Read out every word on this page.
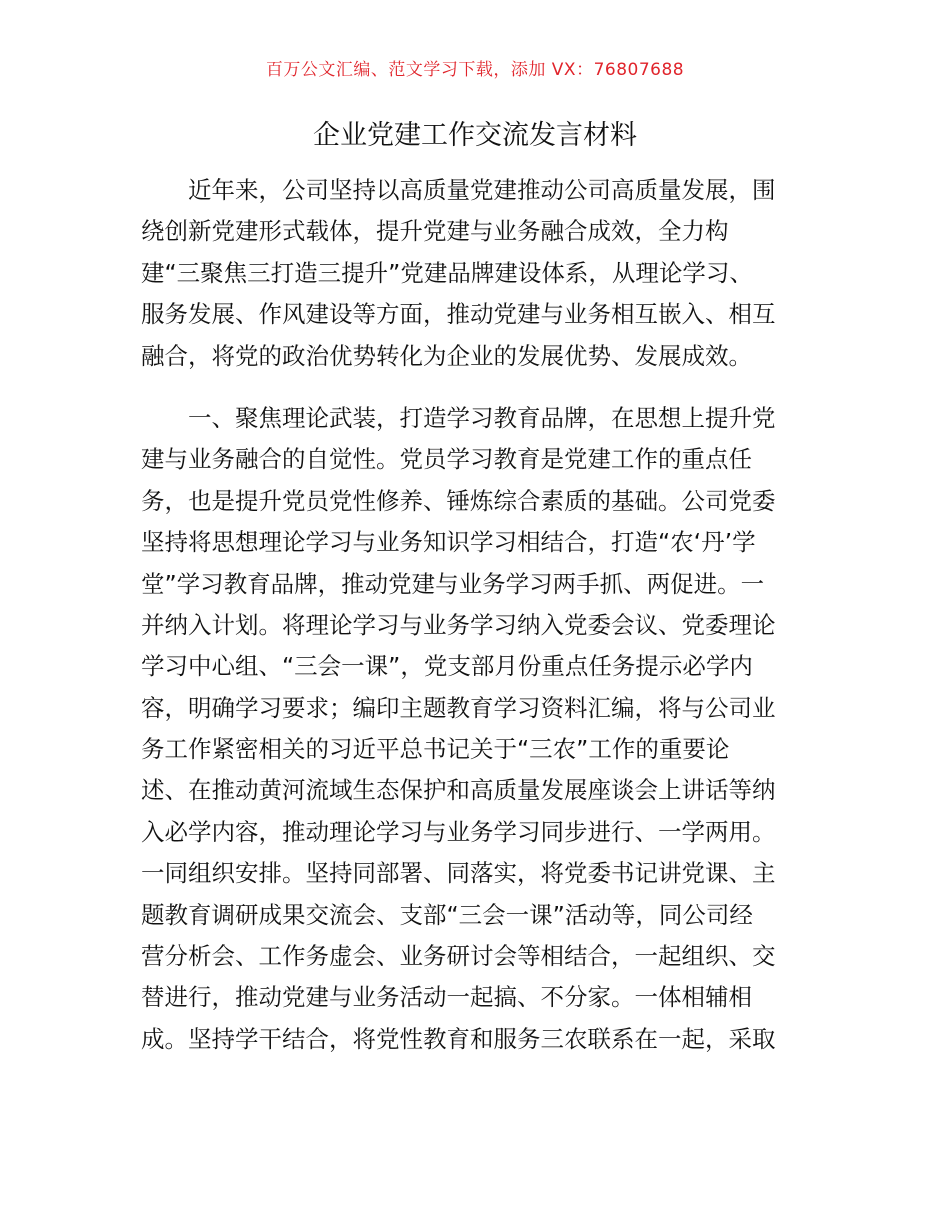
百万公文汇编、范文学习下载，添加 VX：76807688
企业党建工作交流发言材料
近年来，公司坚持以高质量党建推动公司高质量发展，围
绕创新党建形式载体，提升党建与业务融合成效，全力构
建“三聚焦三打造三提升”党建品牌建设体系，从理论学习、
服务发展、作风建设等方面，推动党建与业务相互嵌入、相互
融合，将党的政治优势转化为企业的发展优势、发展成效。
一、聚焦理论武装，打造学习教育品牌，在思想上提升党
建与业务融合的自觉性。党员学习教育是党建工作的重点任
务，也是提升党员党性修养、锤炼综合素质的基础。公司党委
坚持将思想理论学习与业务知识学习相结合，打造“农‘丹’学
堂”学习教育品牌，推动党建与业务学习两手抓、两促进。一
并纳入计划。将理论学习与业务学习纳入党委会议、党委理论
学习中心组、“三会一课”，党支部月份重点任务提示必学内
容，明确学习要求；编印主题教育学习资料汇编，将与公司业
务工作紧密相关的习近平总书记关于“三农”工作的重要论
述、在推动黄河流域生态保护和高质量发展座谈会上讲话等纳
入必学内容，推动理论学习与业务学习同步进行、一学两用。
一同组织安排。坚持同部署、同落实，将党委书记讲党课、主
题教育调研成果交流会、支部“三会一课”活动等，同公司经
营分析会、工作务虚会、业务研讨会等相结合，一起组织、交
替进行，推动党建与业务活动一起搞、不分家。一体相辅相
成。坚持学干结合，将党性教育和服务三农联系在一起，采取
